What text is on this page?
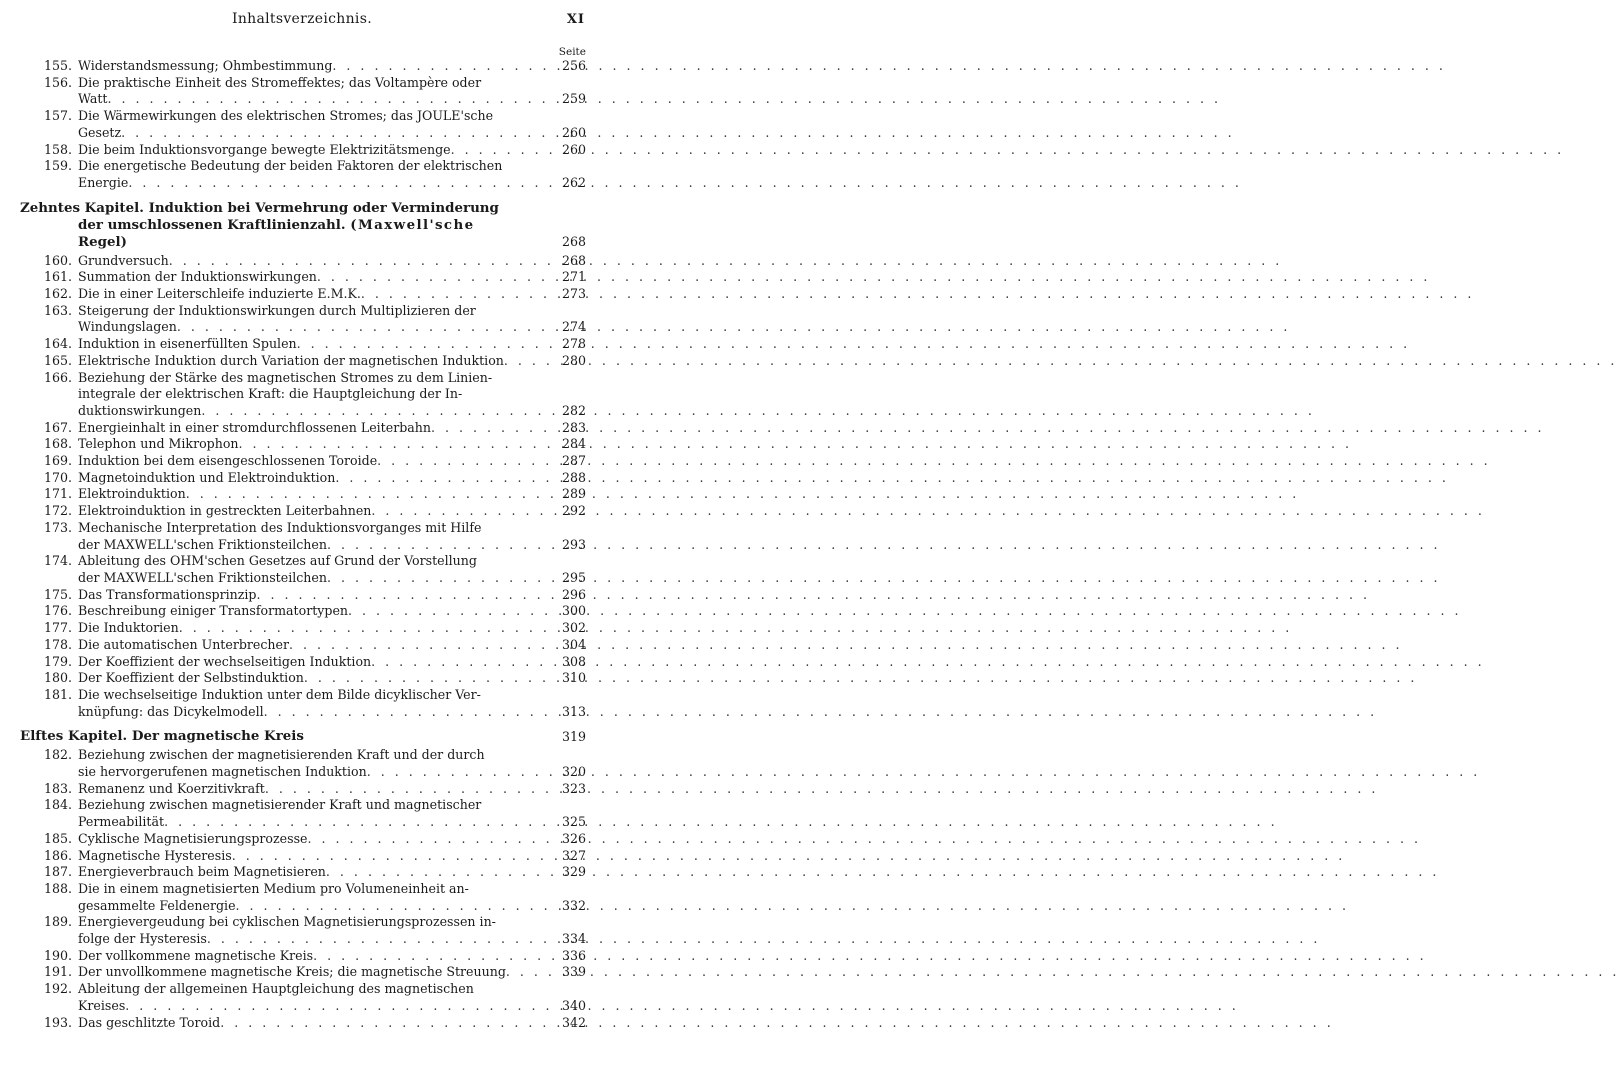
Inhaltsverzeichnis.	XI
Seite
155. Widerstandsmessung; Ohmbestimmung . . .	256
156. Die praktische Einheit des Stromeffektes; das Voltampère oder
Watt . . .	259
157. Die Wärmewirkungen des elektrischen Stromes; das JOULE'sche
Gesetz . . .	260
158. Die beim Induktionsvorgange bewegte Elektrizitätsmenge . . .	260
159. Die energetische Bedeutung der beiden Faktoren der elektrischen
Energie . . .	262
Zehntes Kapitel. Induktion bei Vermehrung oder Verminderung
der umschlossenen Kraftlinienzahl. (Maxwell'sche
Regel)	268
160. Grundversuch . . .	268
161. Summation der Induktionswirkungen . . .	271
162. Die in einer Leiterschleife induzierte E.M.K. . . .	273
163. Steigerung der Induktionswirkungen durch Multiplizieren der
Windungslagen . . .	274
164. Induktion in eisenerfüllten Spulen . . .	278
165. Elektrische Induktion durch Variation der magnetischen Induktion . . .	280
166. Beziehung der Stärke des magnetischen Stromes zu dem Linien-
integrale der elektrischen Kraft: die Hauptgleichung der In-
duktionswirkungen . . .	282
167. Energieinhalt in einer stromdurchflossenen Leiterbahn . . .	283
168. Telephon und Mikrophon . . .	284
169. Induktion bei dem eisengeschlossenen Toroide . . .	287
170. Magnetoinduktion und Elektroinduktion . . .	288
171. Elektroinduktion . . .	289
172. Elektroinduktion in gestreckten Leiterbahnen . . .	292
173. Mechanische Interpretation des Induktionsvorganges mit Hilfe
der MAXWELL'schen Friktionsteilchen . . .	293
174. Ableitung des OHM'schen Gesetzes auf Grund der Vorstellung
der MAXWELL'schen Friktionsteilchen . . .	295
175. Das Transformationsprinzip . . .	296
176. Beschreibung einiger Transformatortypen . . .	300
177. Die Induktorien . . .	302
178. Die automatischen Unterbrecher . . .	304
179. Der Koeffizient der wechselseitigen Induktion . . .	308
180. Der Koeffizient der Selbstinduktion . . .	310
181. Die wechselseitige Induktion unter dem Bilde dicyklischer Ver-
knüpfung: das Dicykelmodell . . .	313
Elftes Kapitel. Der magnetische Kreis	319
182. Beziehung zwischen der magnetisierenden Kraft und der durch
sie hervorgerufenen magnetischen Induktion . . .	320
183. Remanenz und Koerzitivkraft . . .	323
184. Beziehung zwischen magnetisierender Kraft und magnetischer
Permeabilität . . .	325
185. Cyklische Magnetisierungsprozesse . . .	326
186. Magnetische Hysteresis . . .	327
187. Energieverbrauch beim Magnetisieren . . .	329
188. Die in einem magnetisierten Medium pro Volumeneinheit an-
gesammelte Feldenergie . . .	332
189. Energievergeudung bei cyklischen Magnetisierungsprozessen in-
folge der Hysteresis . . .	334
190. Der vollkommene magnetische Kreis . . .	336
191. Der unvollkommene magnetische Kreis; die magnetische Streuung . . .	339
192. Ableitung der allgemeinen Hauptgleichung des magnetischen
Kreises . . .	340
193. Das geschlitzte Toroid . . .	342
